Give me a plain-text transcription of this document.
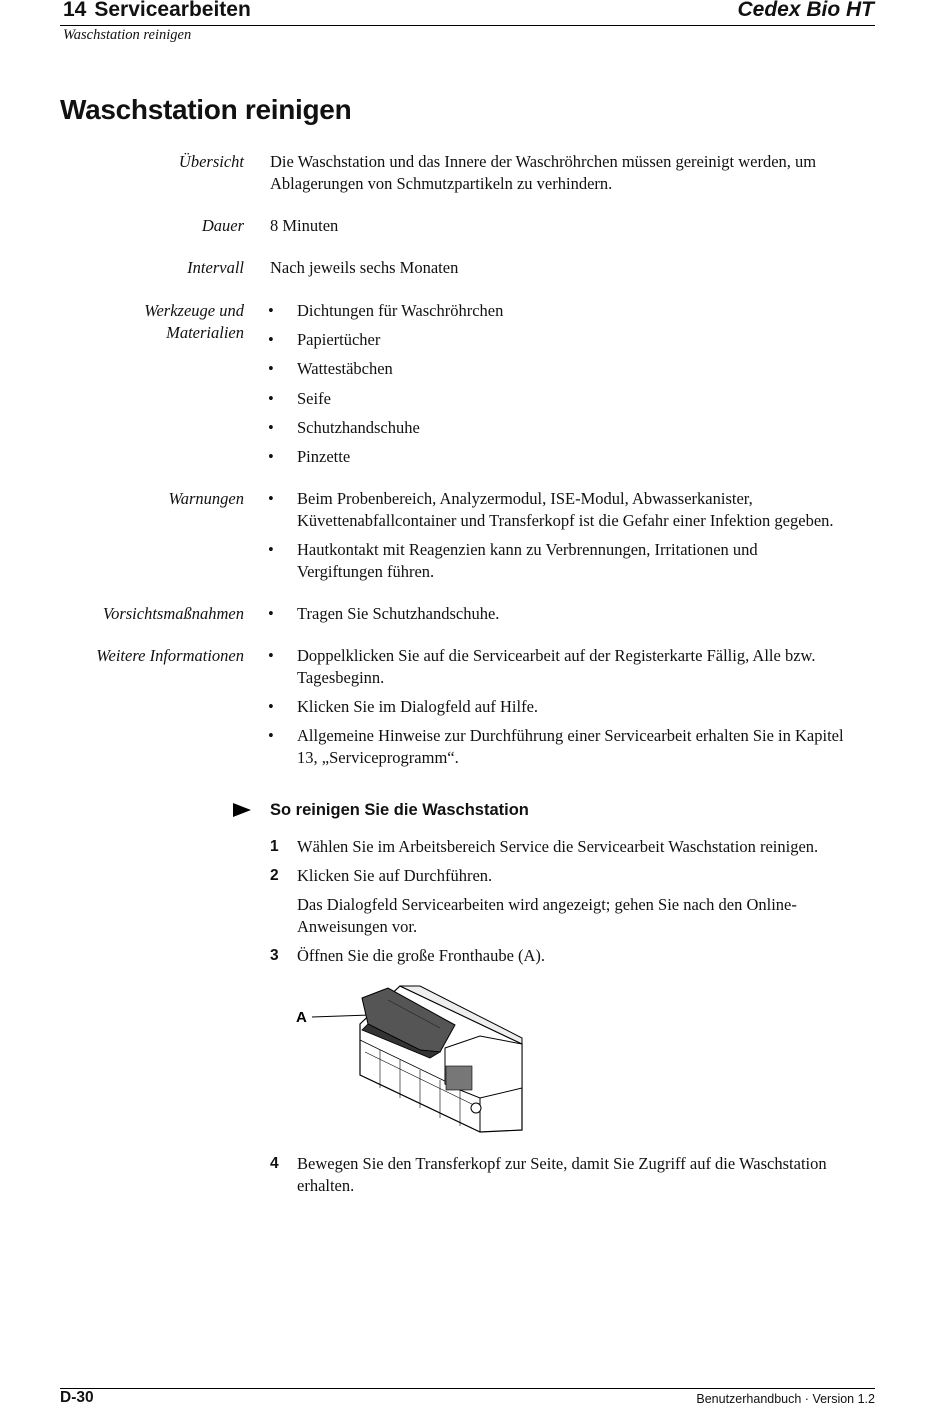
14 Servicearbeiten	Cedex Bio HT
Waschstation reinigen
Waschstation reinigen
Übersicht Die Waschstation und das Innere der Waschröhrchen müssen gereinigt werden, um
Ablagerungen von Schmutzpartikeln zu verhindern.
Dauer 8 Minuten
Intervall Nach jeweils sechs Monaten
Werkzeuge und
Materialien
• Dichtungen für Waschröhrchen
• Papiertücher
• Wattestäbchen
• Seife
• Schutzhandschuhe
• Pinzette
Warnungen • Beim Probenbereich, Analyzermodul, ISE-Modul, Abwasserkanister,
Küvettenabfallcontainer und Transferkopf ist die Gefahr einer Infektion gegeben.
• Hautkontakt mit Reagenzien kann zu Verbrennungen, Irritationen und
Vergiftungen führen.
Vorsichtsmaßnahmen • Tragen Sie Schutzhandschuhe.
Weitere Informationen • Doppelklicken Sie auf die Servicearbeit auf der Registerkarte Fällig, Alle bzw.
Tagesbeginn.
• Klicken Sie im Dialogfeld auf Hilfe.
• Allgemeine Hinweise zur Durchführung einer Servicearbeit erhalten Sie in Kapitel
13, „Serviceprogramm“.
So reinigen Sie die Waschstation
1 Wählen Sie im Arbeitsbereich Service die Servicearbeit Waschstation reinigen.
2 Klicken Sie auf Durchführen.
Das Dialogfeld Servicearbeiten wird angezeigt; gehen Sie nach den Online-
Anweisungen vor.
3 Öffnen Sie die große Fronthaube (A).
A
4 Bewegen Sie den Transferkopf zur Seite, damit Sie Zugriff auf die Waschstation
erhalten.
D-30	Benutzerhandbuch · Version 1.2
